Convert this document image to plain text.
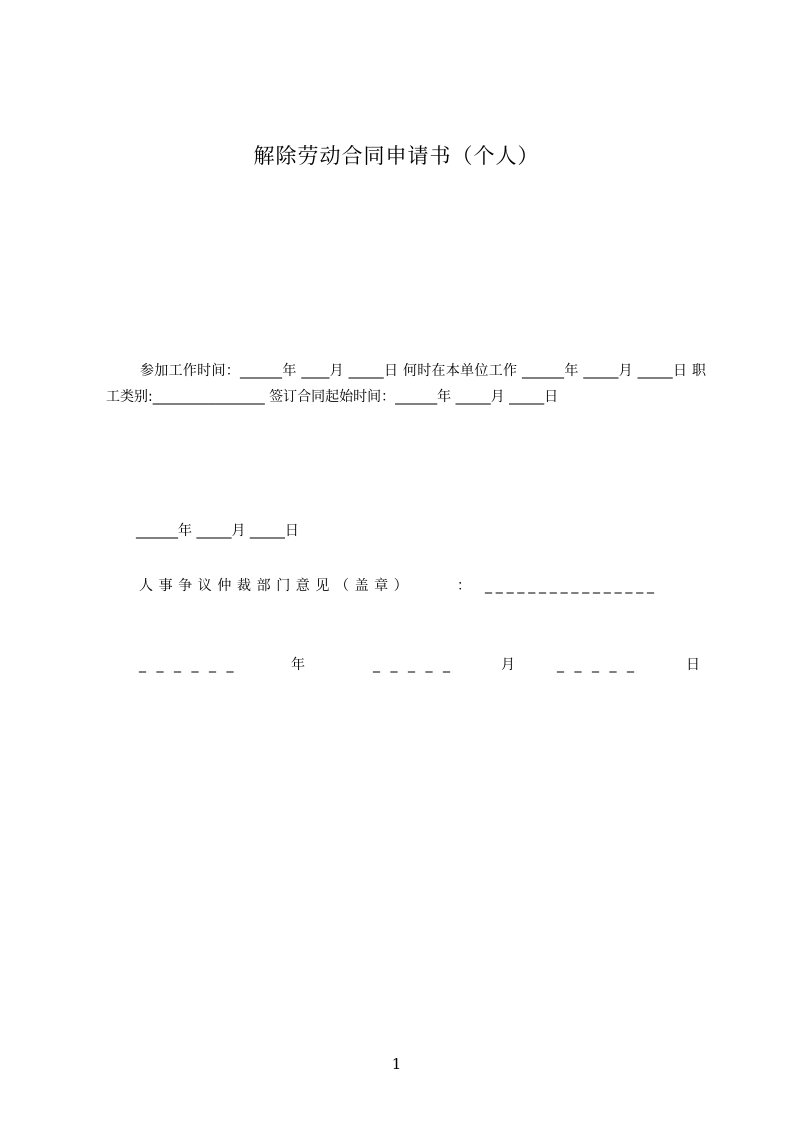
解除劳动合同申请书（个人）
参加工作时间：______年 ____月 _____日 何时在本单位工作 ______年 _____月 _____日 职工类别:________________ 签订合同起始时间：______年 _____月 _____日
______年 _____月 _____日
人事争议仲裁部门意见（盖章）	： ________________
______	年	_____	月 _____	日
1
